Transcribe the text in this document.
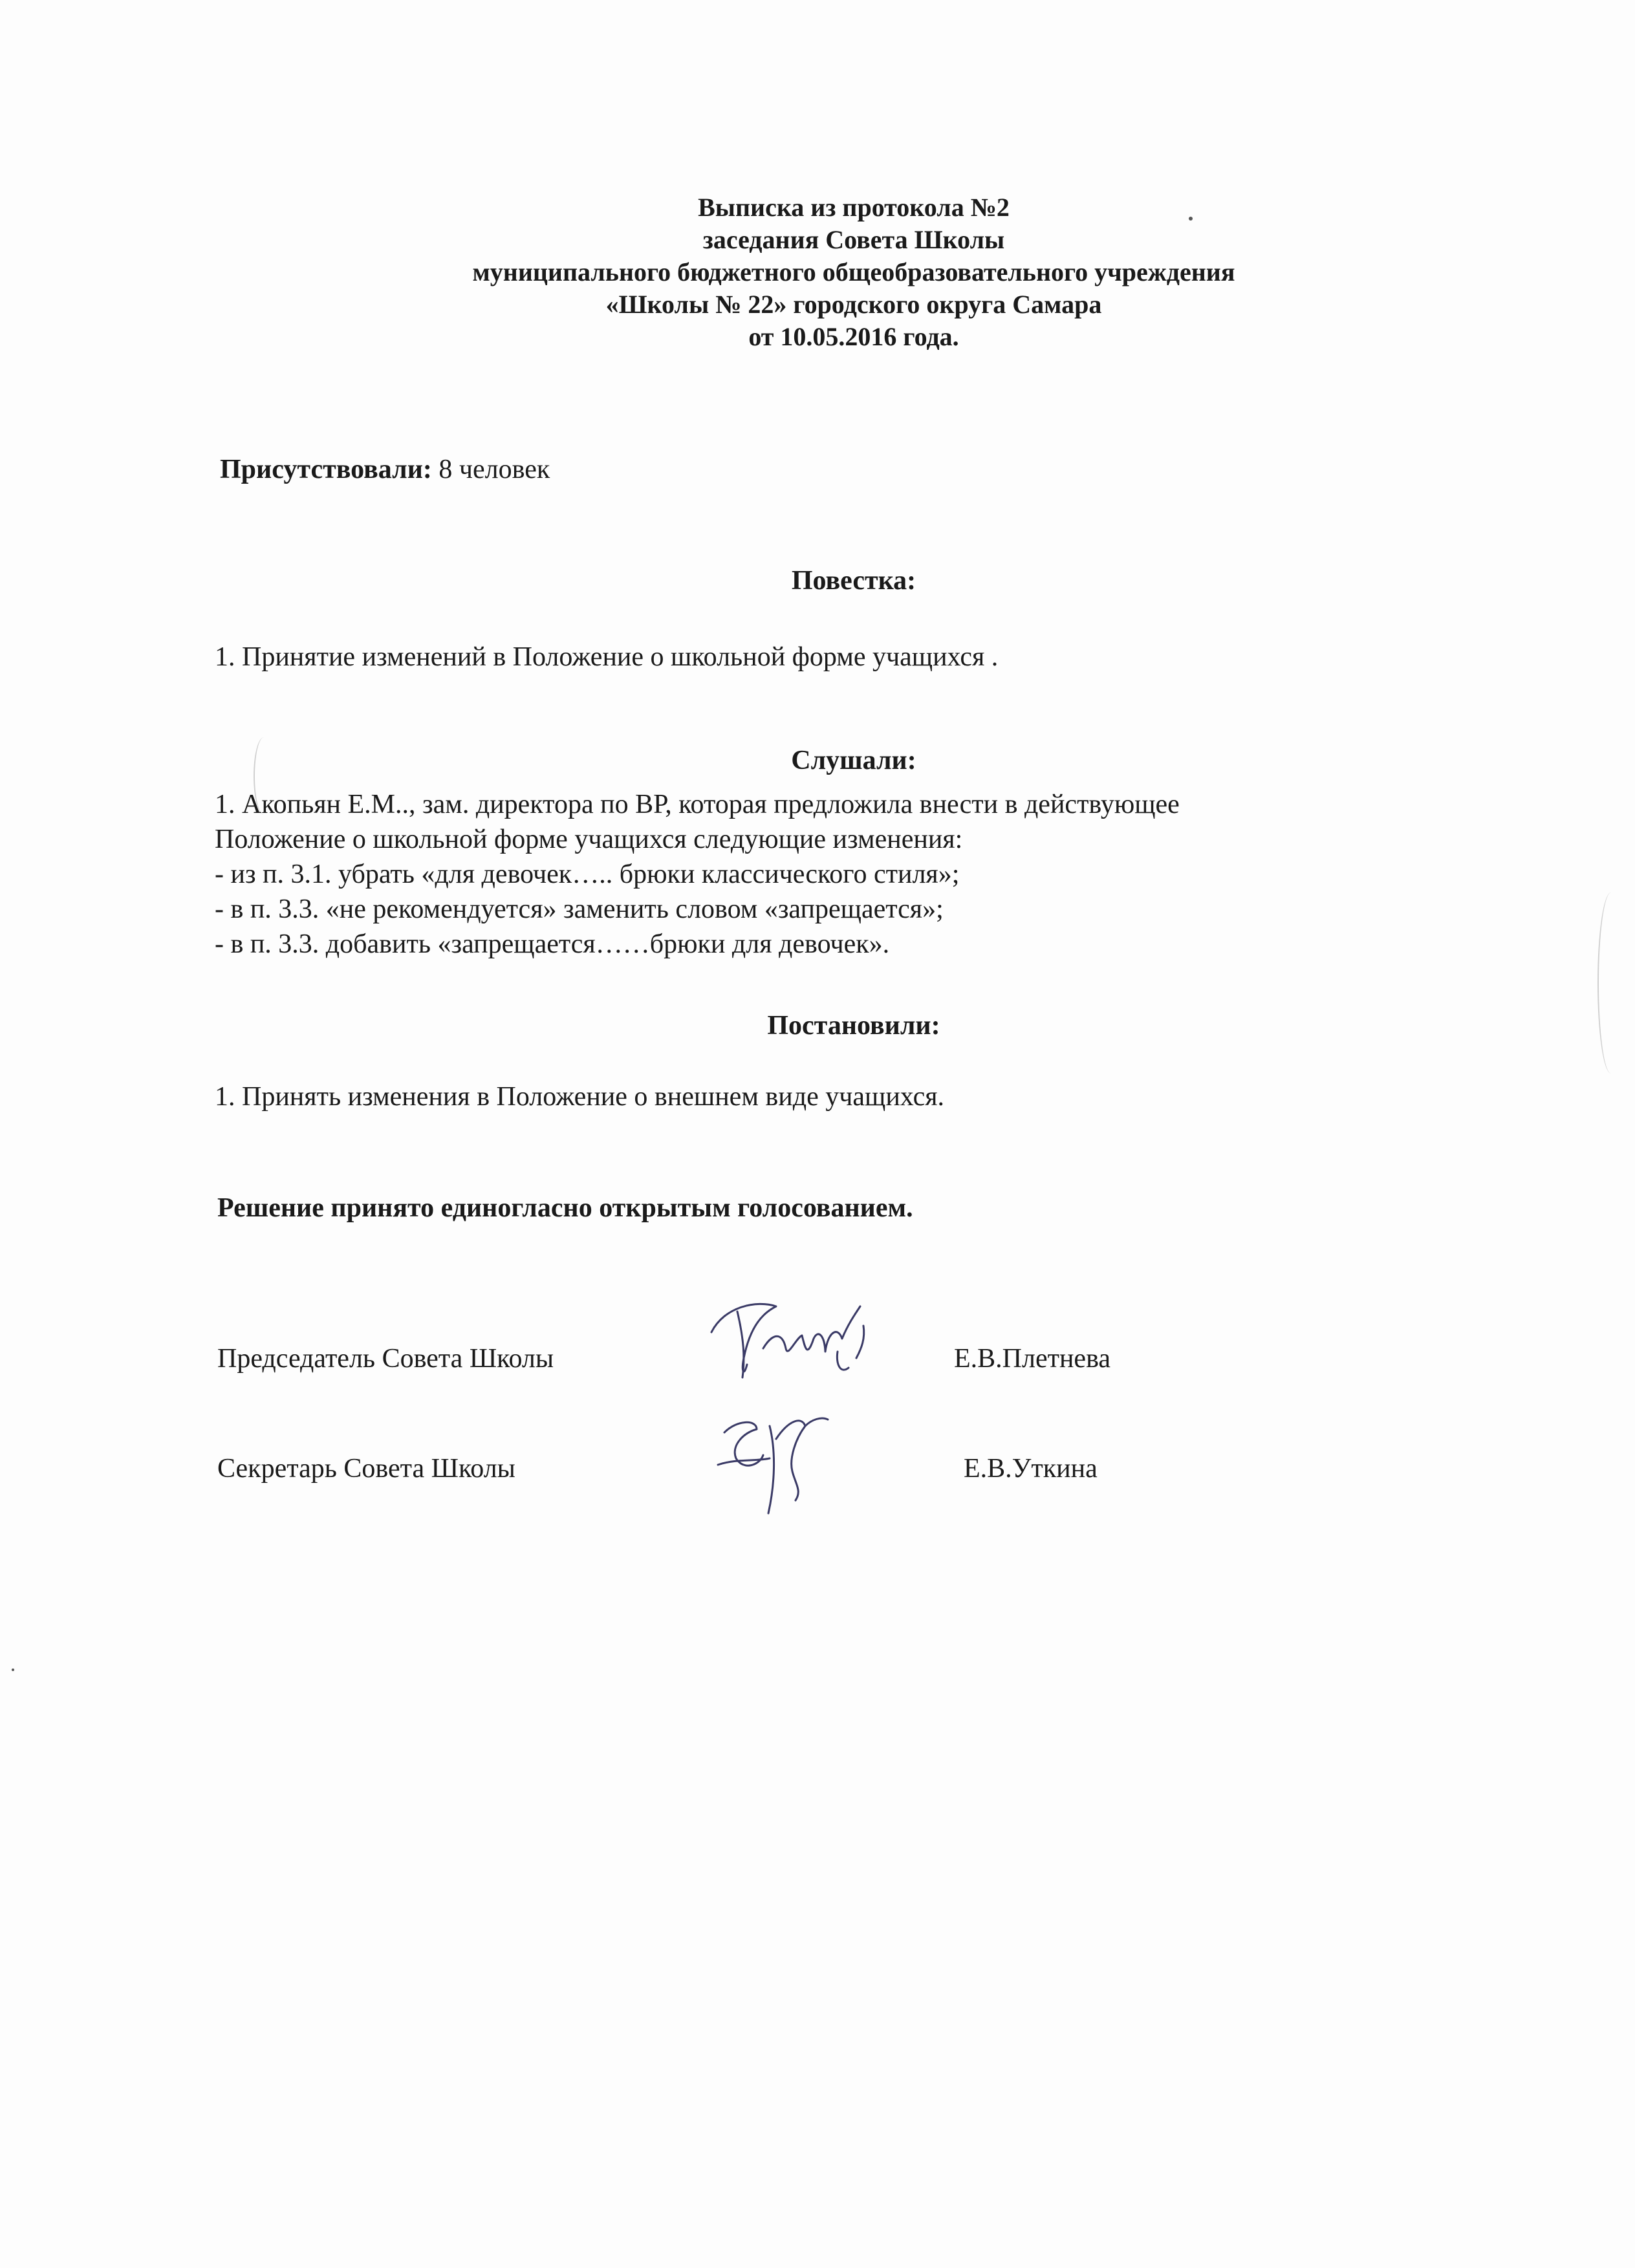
Выписка из протокола №2
заседания Совета Школы
муниципального бюджетного общеобразовательного учреждения
«Школы № 22» городского округа Самара
от 10.05.2016 года.
Присутствовали: 8 человек
Повестка:
1. Принятие изменений в Положение о школьной форме учащихся .
Слушали:
1. Акопьян Е.М.., зам. директора по ВР, которая предложила внести в действующее
Положение о школьной форме учащихся следующие изменения:
- из п. 3.1. убрать «для девочек….. брюки классического стиля»;
- в п. 3.3. «не рекомендуется» заменить словом «запрещается»;
- в п. 3.3. добавить «запрещается……брюки для девочек».
Постановили:
1. Принять изменения в Положение о внешнем виде учащихся.
Решение принято единогласно открытым голосованием.
Председатель Совета Школы	Е.В.Плетнева
Секретарь Совета Школы	Е.В.Уткина
